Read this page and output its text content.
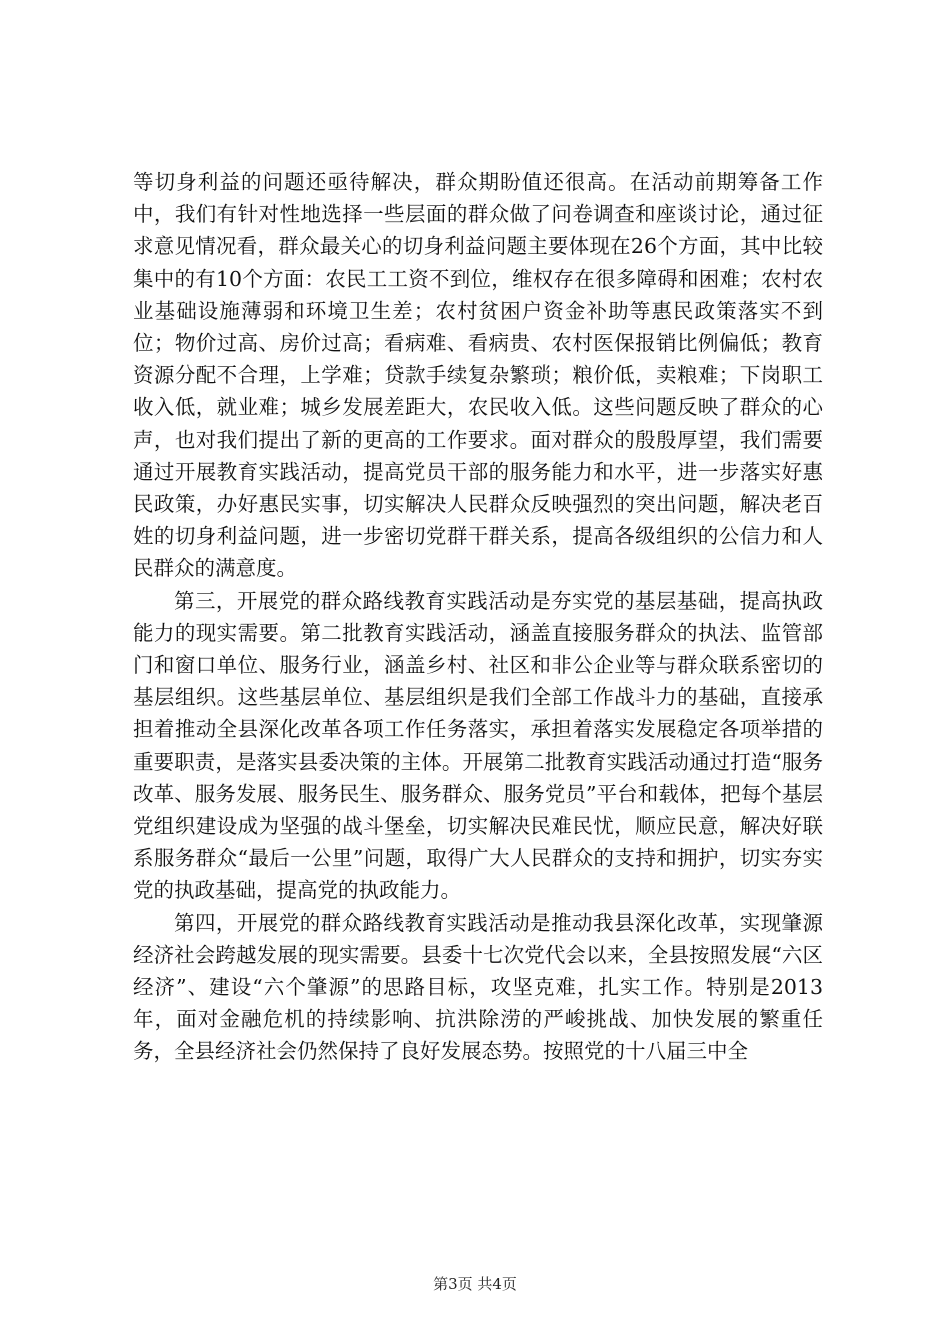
等切身利益的问题还亟待解决，群众期盼值还很高。在活动前期筹备工作中，我们有针对性地选择一些层面的群众做了问卷调查和座谈讨论，通过征求意见情况看，群众最关心的切身利益问题主要体现在26个方面，其中比较集中的有10个方面：农民工工资不到位，维权存在很多障碍和困难；农村农业基础设施薄弱和环境卫生差；农村贫困户资金补助等惠民政策落实不到位；物价过高、房价过高；看病难、看病贵、农村医保报销比例偏低；教育资源分配不合理，上学难；贷款手续复杂繁琐；粮价低，卖粮难；下岗职工收入低，就业难；城乡发展差距大，农民收入低。这些问题反映了群众的心声，也对我们提出了新的更高的工作要求。面对群众的殷殷厚望，我们需要通过开展教育实践活动，提高党员干部的服务能力和水平，进一步落实好惠民政策，办好惠民实事，切实解决人民群众反映强烈的突出问题，解决老百姓的切身利益问题，进一步密切党群干群关系，提高各级组织的公信力和人民群众的满意度。

第三，开展党的群众路线教育实践活动是夯实党的基层基础，提高执政能力的现实需要。第二批教育实践活动，涵盖直接服务群众的执法、监管部门和窗口单位、服务行业，涵盖乡村、社区和非公企业等与群众联系密切的基层组织。这些基层单位、基层组织是我们全部工作战斗力的基础，直接承担着推动全县深化改革各项工作任务落实，承担着落实发展稳定各项举措的重要职责，是落实县委决策的主体。开展第二批教育实践活动通过打造“服务改革、服务发展、服务民生、服务群众、服务党员”平台和载体，把每个基层党组织建设成为坚强的战斗堡垒，切实解决民难民忧，顺应民意，解决好联系服务群众“最后一公里”问题，取得广大人民群众的支持和拥护，切实夯实党的执政基础，提高党的执政能力。

第四，开展党的群众路线教育实践活动是推动我县深化改革，实现肇源经济社会跨越发展的现实需要。县委十七次党代会以来，全县按照发展“六区经济”、建设“六个肇源”的思路目标，攻坚克难，扎实工作。特别是2013年，面对金融危机的持续影响、抗洪除涝的严峻挑战、加快发展的繁重任务，全县经济社会仍然保持了良好发展态势。按照党的十八届三中全

第3页 共4页
